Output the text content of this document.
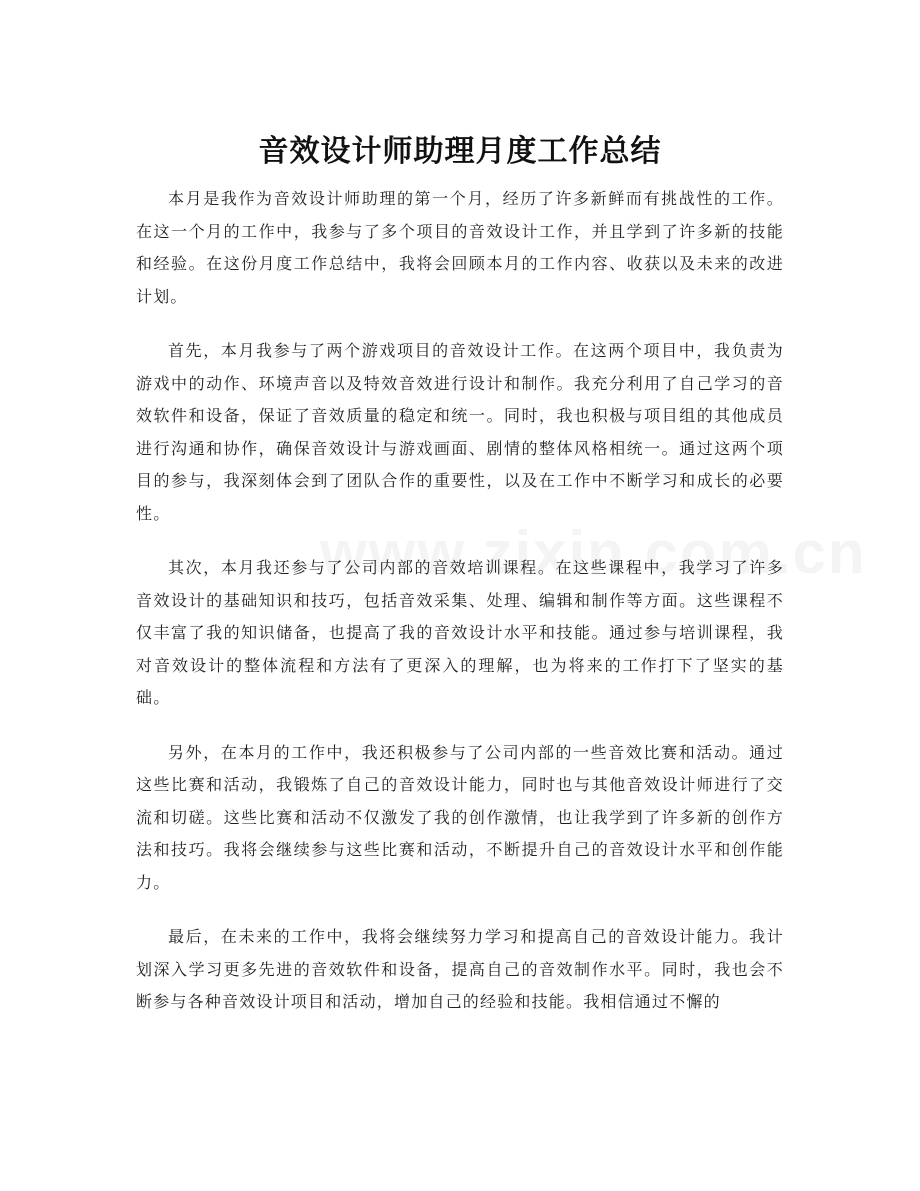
音效设计师助理月度工作总结

本月是我作为音效设计师助理的第一个月，经历了许多新鲜而有挑战性的工作。在这一个月的工作中，我参与了多个项目的音效设计工作，并且学到了许多新的技能和经验。在这份月度工作总结中，我将会回顾本月的工作内容、收获以及未来的改进计划。

首先，本月我参与了两个游戏项目的音效设计工作。在这两个项目中，我负责为游戏中的动作、环境声音以及特效音效进行设计和制作。我充分利用了自己学习的音效软件和设备，保证了音效质量的稳定和统一。同时，我也积极与项目组的其他成员进行沟通和协作，确保音效设计与游戏画面、剧情的整体风格相统一。通过这两个项目的参与，我深刻体会到了团队合作的重要性，以及在工作中不断学习和成长的必要性。

其次，本月我还参与了公司内部的音效培训课程。在这些课程中，我学习了许多音效设计的基础知识和技巧，包括音效采集、处理、编辑和制作等方面。这些课程不仅丰富了我的知识储备，也提高了我的音效设计水平和技能。通过参与培训课程，我对音效设计的整体流程和方法有了更深入的理解，也为将来的工作打下了坚实的基础。

另外，在本月的工作中，我还积极参与了公司内部的一些音效比赛和活动。通过这些比赛和活动，我锻炼了自己的音效设计能力，同时也与其他音效设计师进行了交流和切磋。这些比赛和活动不仅激发了我的创作激情，也让我学到了许多新的创作方法和技巧。我将会继续参与这些比赛和活动，不断提升自己的音效设计水平和创作能力。

最后，在未来的工作中，我将会继续努力学习和提高自己的音效设计能力。我计划深入学习更多先进的音效软件和设备，提高自己的音效制作水平。同时，我也会不断参与各种音效设计项目和活动，增加自己的经验和技能。我相信通过不懈的
